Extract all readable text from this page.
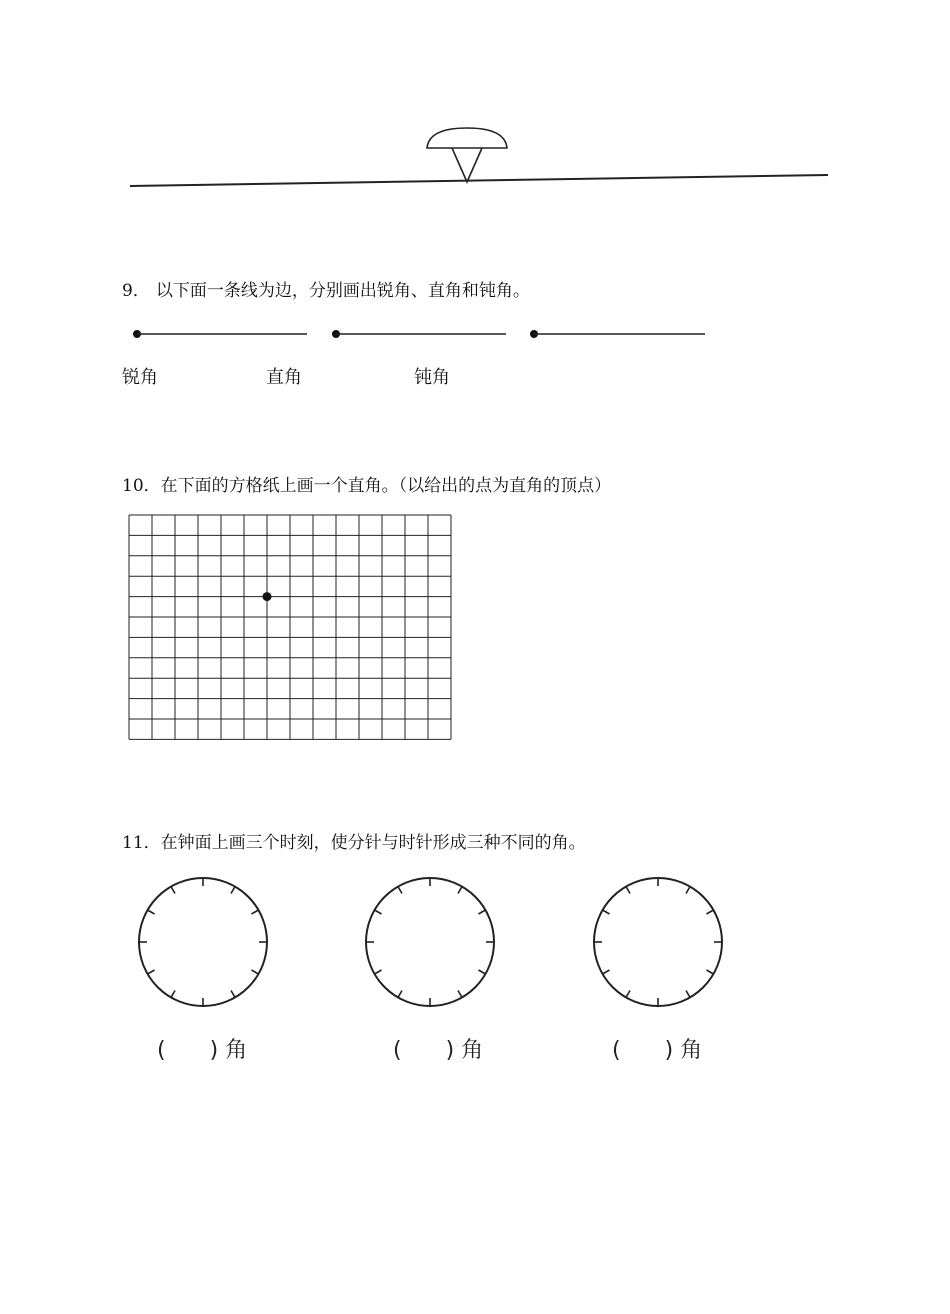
9． 以下面一条线为边，分别画出锐角、直角和钝角。
锐角	直角	钝角
10．在下面的方格纸上画一个直角。（以给出的点为直角的顶点）
11．在钟面上画三个时刻，使分针与时针形成三种不同的角。
( ) 角	( ) 角	( ) 角
